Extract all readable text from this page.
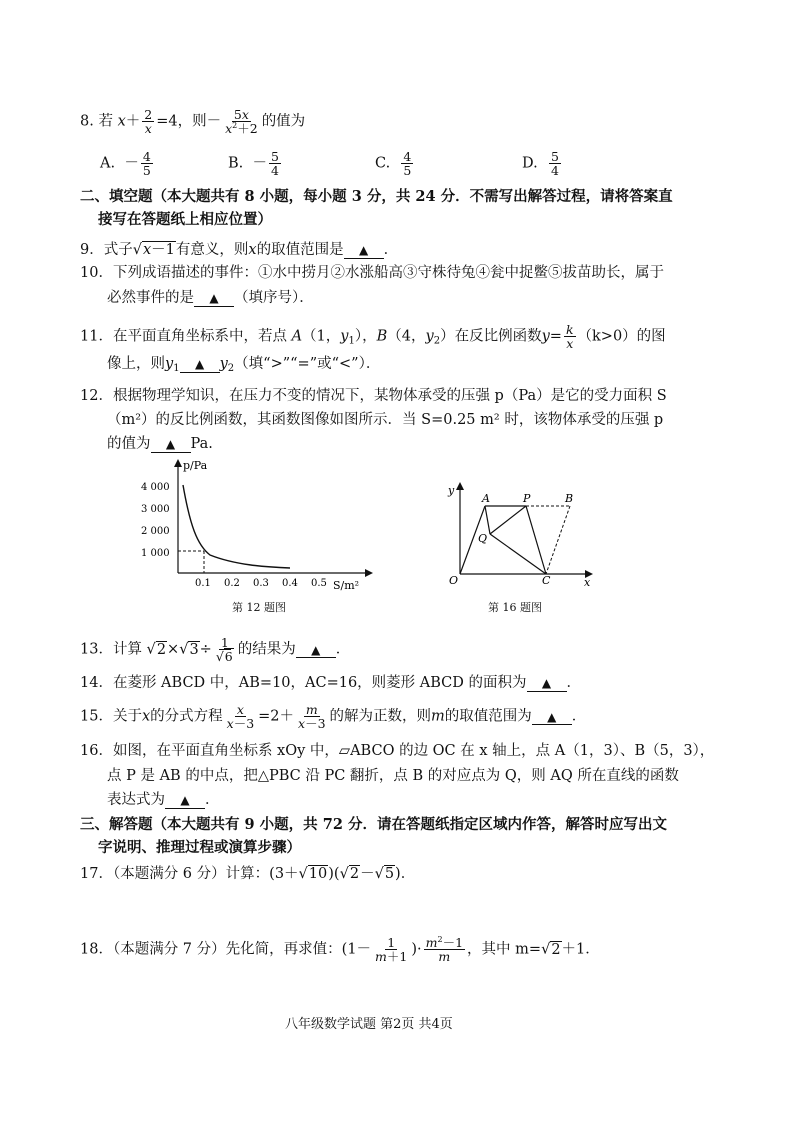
8. 若 $x+ \frac{2}{x} =4$，则－ $\frac{5x}{x^2+2}$ 的值为
A. － $\frac{4}{5}$	B. － $\frac{5}{4}$	C. $\frac{4}{5}$	D. $\frac{5}{4}$
二、填空题（本大题共有 8 小题，每小题 3 分，共 24 分．不需写出解答过程，请将答案直
接写在答题纸上相应位置）
9．式子√x－1有意义，则x的取值范围是 ▲ ．
10．下列成语描述的事件：①水中捞月②水涨船高③守株待兔④瓮中捉鳖⑤拔苗助长，属于
必然事件的是 ▲ （填序号）．
11．在平面直角坐标系中，若点 A（1，$y_1$），B（4，$y_2$）在反比例函数$y= \frac{k}{x} (k>0)$的图
像上，则$y_1$ ▲ $y_2$（填“>”“=”或“<”）．
12．根据物理学知识，在压力不变的情况下，某物体承受的压强 p（Pa）是它的受力面积 S
（m²）的反比例函数，其函数图像如图所示．当 S=0.25 m² 时，该物体承受的压强 p
的值为 ▲ Pa.
p/Pa
S/m²
4 000
3 000
2 000
1 000
0.1 0.2 0.3 0.4 0.5
第 12 题图
y
x
O
A	P	B
Q
C
第 16 题图
13．计算 $√2\times√3\div \frac{1}{√6}$ 的结果为 ▲ ．
14．在菱形 ABCD 中，AB=10，AC=16，则菱形 ABCD 的面积为 ▲ ．
15．关于x的分式方程 $\frac{x}{x-3} =2+ \frac{m}{x-3}$ 的解为正数，则m的取值范围为 ▲ ．
16．如图，在平面直角坐标系 xOy 中，▱ABCO 的边 OC 在 x 轴上，点 A（1，3）、B（5，3），
点 P 是 AB 的中点，把△PBC 沿 PC 翻折，点 B 的对应点为 Q，则 AQ 所在直线的函数
表达式为 ▲ ．
三、解答题（本大题共有 9 小题，共 72 分．请在答题纸指定区域内作答，解答时应写出文
字说明、推理过程或演算步骤）
17．（本题满分 6 分）计算：(3＋√10)(√2－√5)．
18．（本题满分 7 分）先化简，再求值：($1- \frac{1}{m+1}$ )· $\frac{m^2-1}{m}$ ，其中 m=√2＋1．
八年级数学试题 第2页 共4页
